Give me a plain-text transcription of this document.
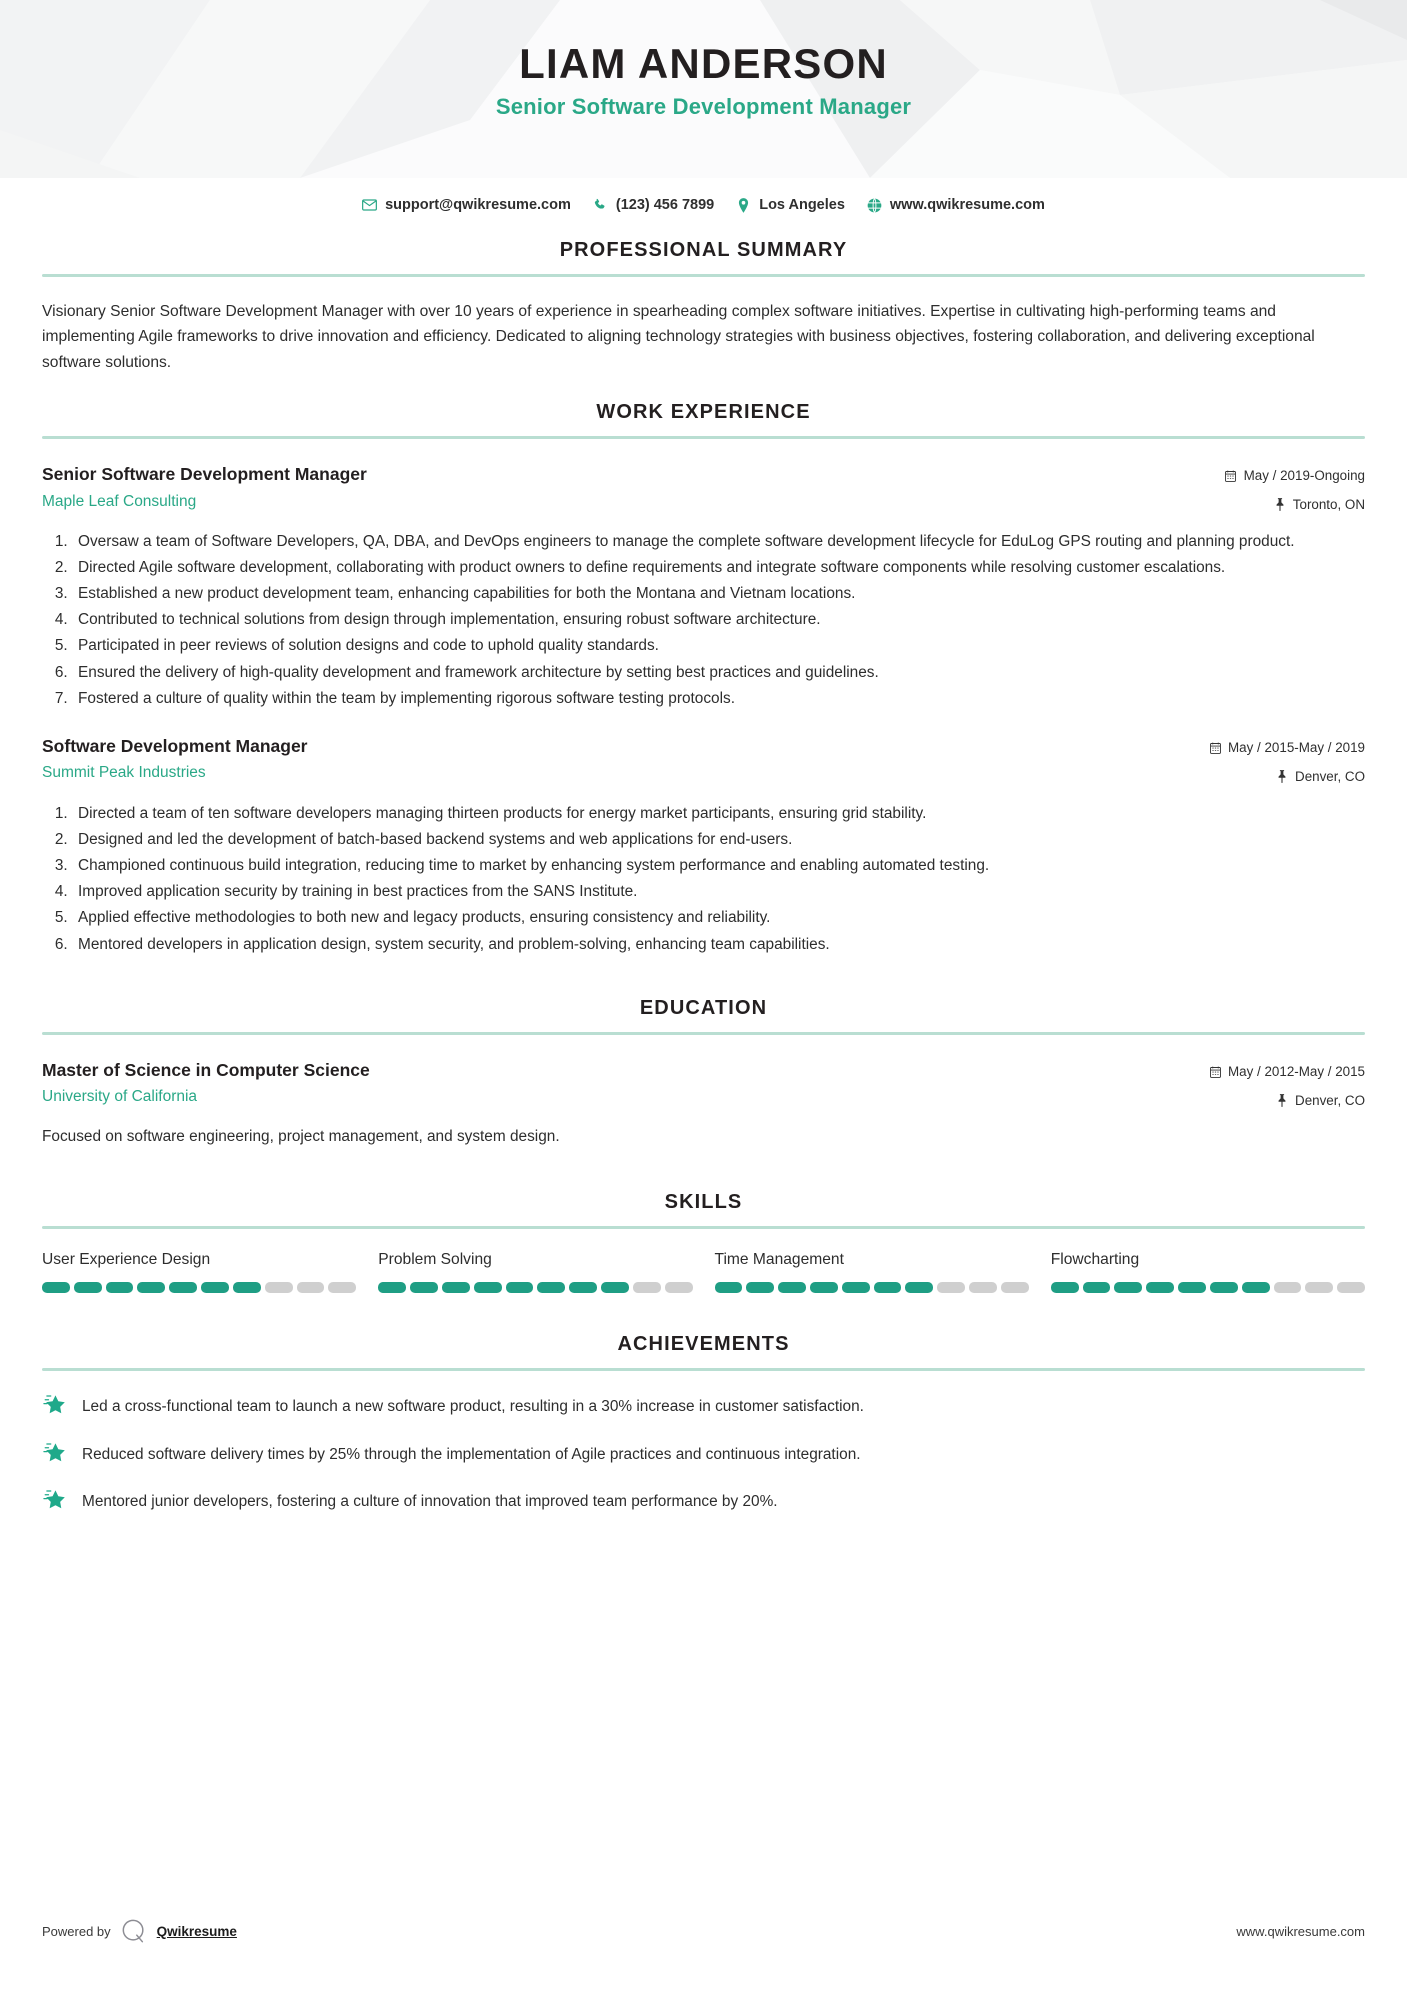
LIAM ANDERSON
Senior Software Development Manager
support@qwikresume.com	(123) 456 7899	Los Angeles	www.qwikresume.com
PROFESSIONAL SUMMARY

Visionary Senior Software Development Manager with over 10 years of experience in spearheading complex software initiatives. Expertise in cultivating high-performing teams and implementing Agile frameworks to drive innovation and efficiency. Dedicated to aligning technology strategies with business objectives, fostering collaboration, and delivering exceptional software solutions.

WORK EXPERIENCE
Senior Software Development Manager
Maple Leaf Consulting
May / 2019-Ongoing
Toronto, ON
1. Oversaw a team of Software Developers, QA, DBA, and DevOps engineers to manage the complete software development lifecycle for EduLog GPS routing and planning product.
2. Directed Agile software development, collaborating with product owners to define requirements and integrate software components while resolving customer escalations.
3. Established a new product development team, enhancing capabilities for both the Montana and Vietnam locations.
4. Contributed to technical solutions from design through implementation, ensuring robust software architecture.
5. Participated in peer reviews of solution designs and code to uphold quality standards.
6. Ensured the delivery of high-quality development and framework architecture by setting best practices and guidelines.
7. Fostered a culture of quality within the team by implementing rigorous software testing protocols.
Software Development Manager
Summit Peak Industries
May / 2015-May / 2019
Denver, CO
1. Directed a team of ten software developers managing thirteen products for energy market participants, ensuring grid stability.
2. Designed and led the development of batch-based backend systems and web applications for end-users.
3. Championed continuous build integration, reducing time to market by enhancing system performance and enabling automated testing.
4. Improved application security by training in best practices from the SANS Institute.
5. Applied effective methodologies to both new and legacy products, ensuring consistency and reliability.
6. Mentored developers in application design, system security, and problem-solving, enhancing team capabilities.
EDUCATION
Master of Science in Computer Science
University of California
May / 2012-May / 2015
Denver, CO

Focused on software engineering, project management, and system design.

SKILLS
User Experience Design	Problem Solving	Time Management	Flowcharting
ACHIEVEMENTS
Led a cross-functional team to launch a new software product, resulting in a 30% increase in customer satisfaction.
Reduced software delivery times by 25% through the implementation of Agile practices and continuous integration.
Mentored junior developers, fostering a culture of innovation that improved team performance by 20%.
Powered by	Qwikresume	www.qwikresume.com
